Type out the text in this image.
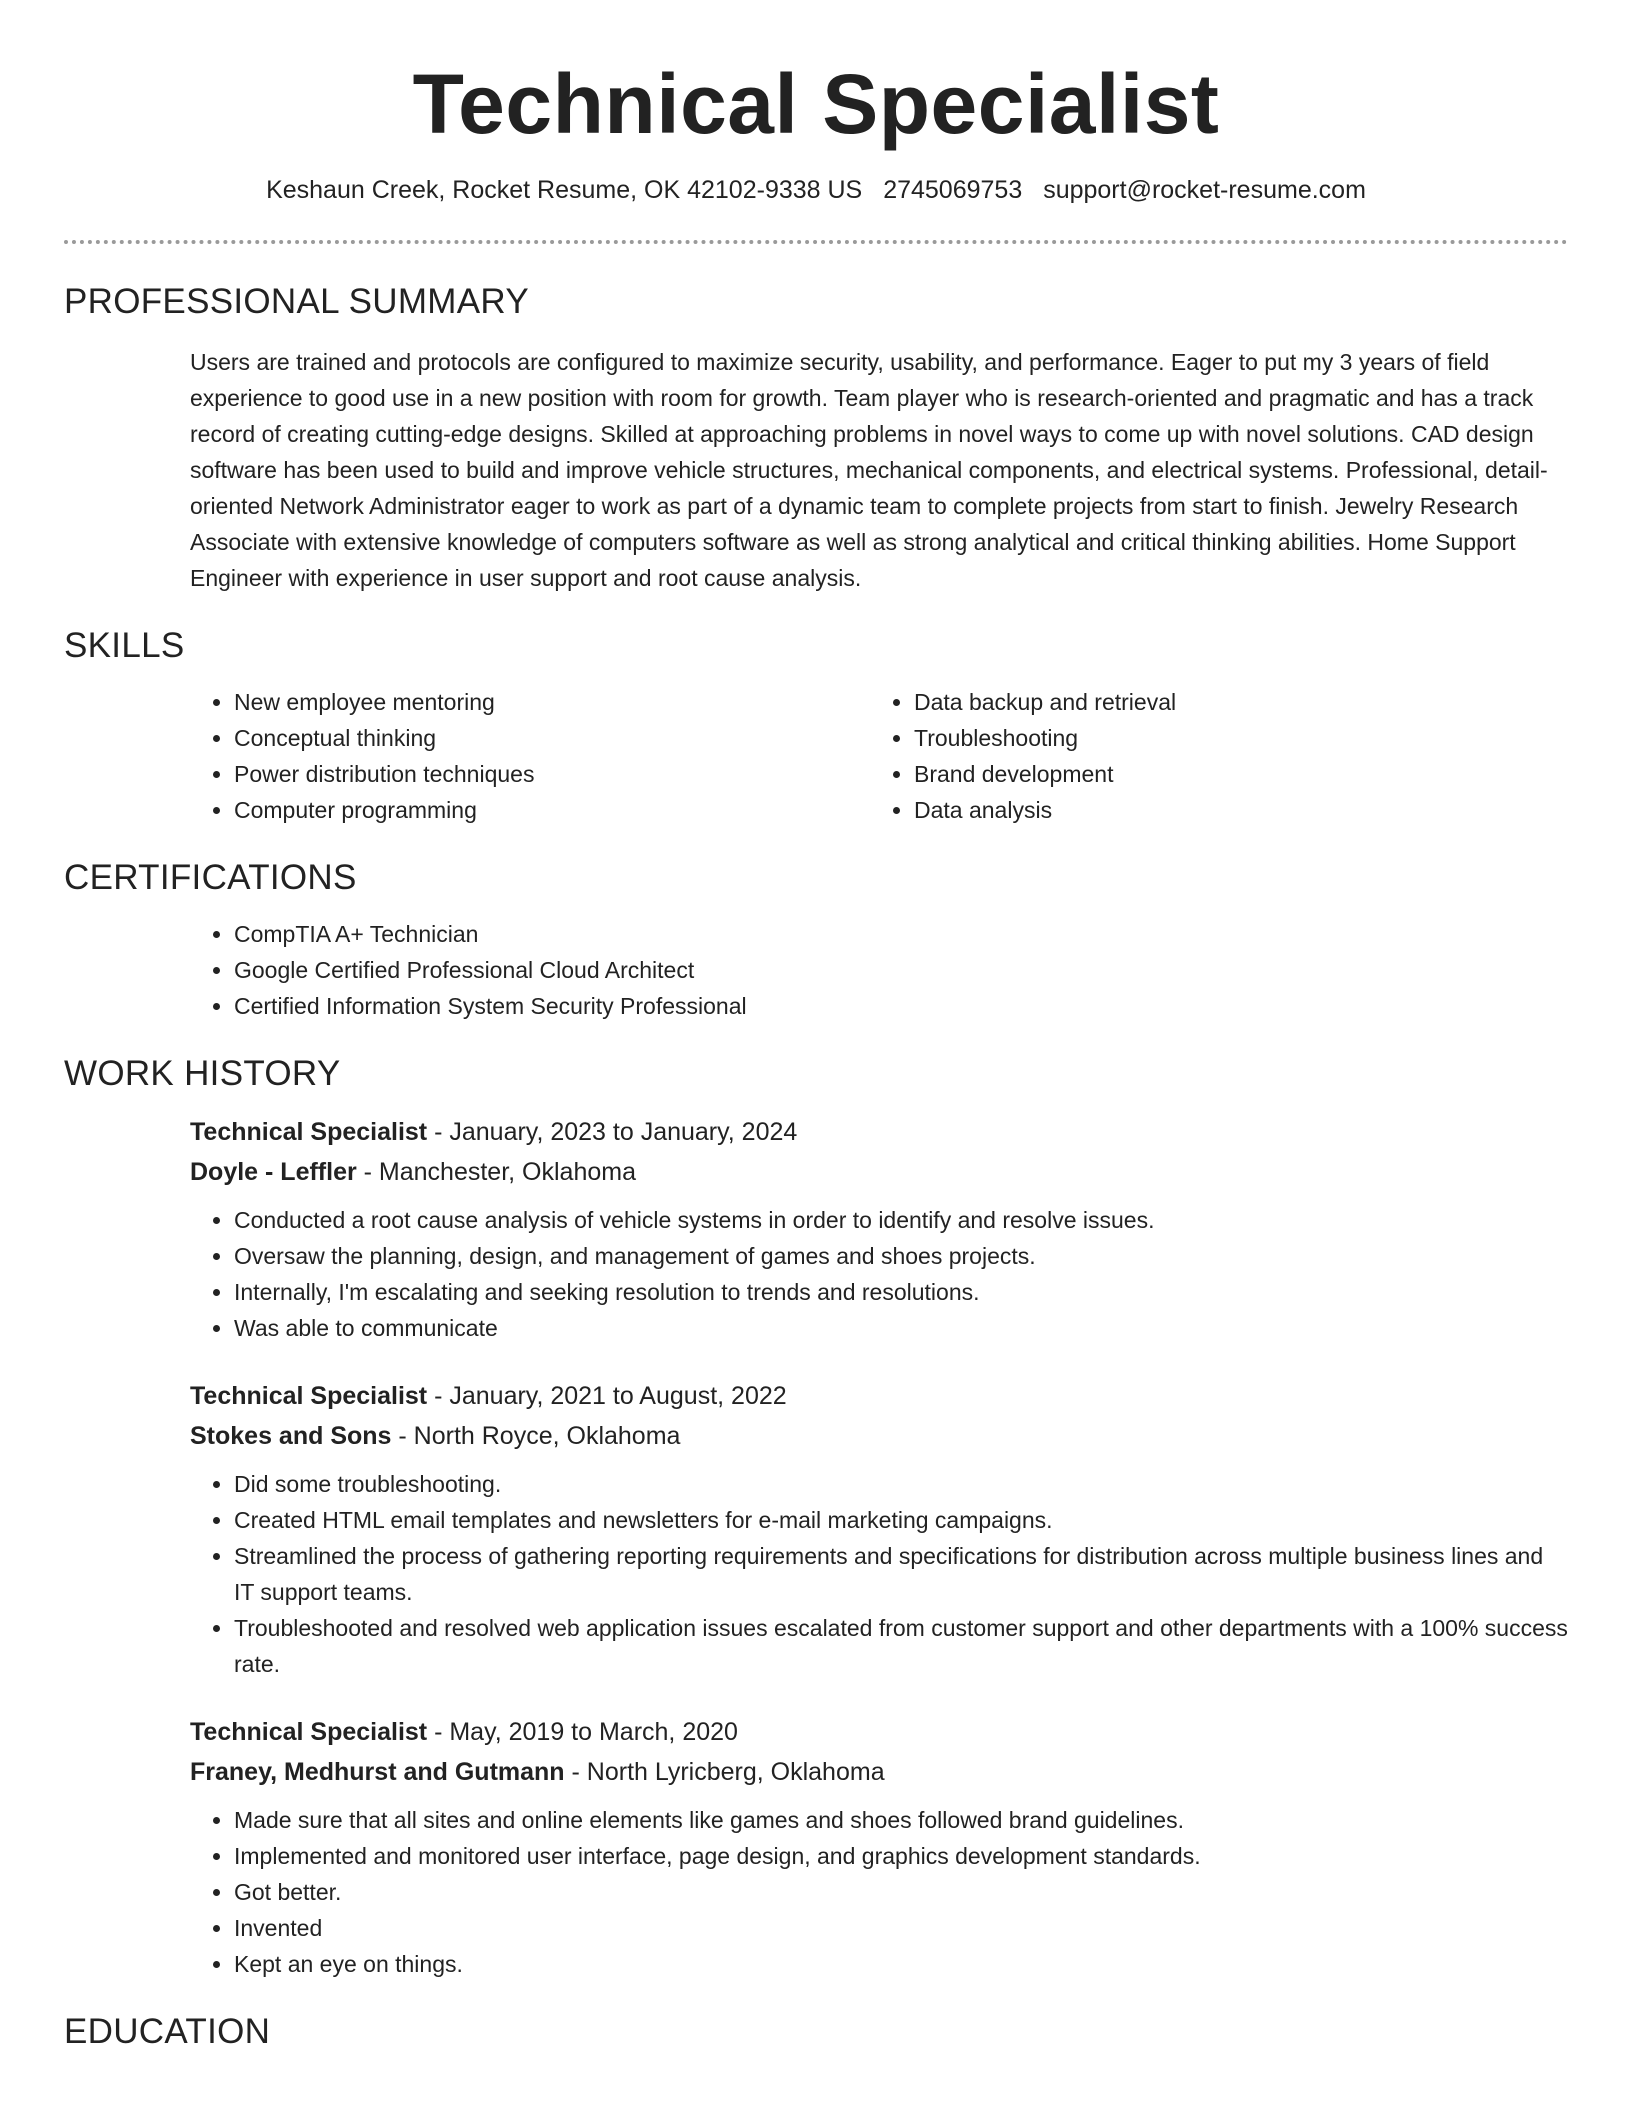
Technical Specialist
Keshaun Creek, Rocket Resume, OK 42102-9338 US 2745069753 support@rocket-resume.com
PROFESSIONAL SUMMARY

Users are trained and protocols are configured to maximize security, usability, and performance. Eager to put my 3 years of field experience to good use in a new position with room for growth. Team player who is research-oriented and pragmatic and has a track record of creating cutting-edge designs. Skilled at approaching problems in novel ways to come up with novel solutions. CAD design software has been used to build and improve vehicle structures, mechanical components, and electrical systems. Professional, detail-oriented Network Administrator eager to work as part of a dynamic team to complete projects from start to finish. Jewelry Research Associate with extensive knowledge of computers software as well as strong analytical and critical thinking abilities. Home Support Engineer with experience in user support and root cause analysis.

SKILLS
• New employee mentoring
• Conceptual thinking
• Power distribution techniques
• Computer programming
• Data backup and retrieval
• Troubleshooting
• Brand development
• Data analysis
CERTIFICATIONS
• CompTIA A+ Technician
• Google Certified Professional Cloud Architect
• Certified Information System Security Professional
WORK HISTORY
Technical Specialist - January, 2023 to January, 2024
Doyle - Leffler - Manchester, Oklahoma
• Conducted a root cause analysis of vehicle systems in order to identify and resolve issues.
• Oversaw the planning, design, and management of games and shoes projects.
• Internally, I'm escalating and seeking resolution to trends and resolutions.
• Was able to communicate
Technical Specialist - January, 2021 to August, 2022
Stokes and Sons - North Royce, Oklahoma
• Did some troubleshooting.
• Created HTML email templates and newsletters for e-mail marketing campaigns.
• Streamlined the process of gathering reporting requirements and specifications for distribution across multiple business lines and IT support teams.
• Troubleshooted and resolved web application issues escalated from customer support and other departments with a 100% success rate.
Technical Specialist - May, 2019 to March, 2020
Franey, Medhurst and Gutmann - North Lyricberg, Oklahoma
• Made sure that all sites and online elements like games and shoes followed brand guidelines.
• Implemented and monitored user interface, page design, and graphics development standards.
• Got better.
• Invented
• Kept an eye on things.
EDUCATION
